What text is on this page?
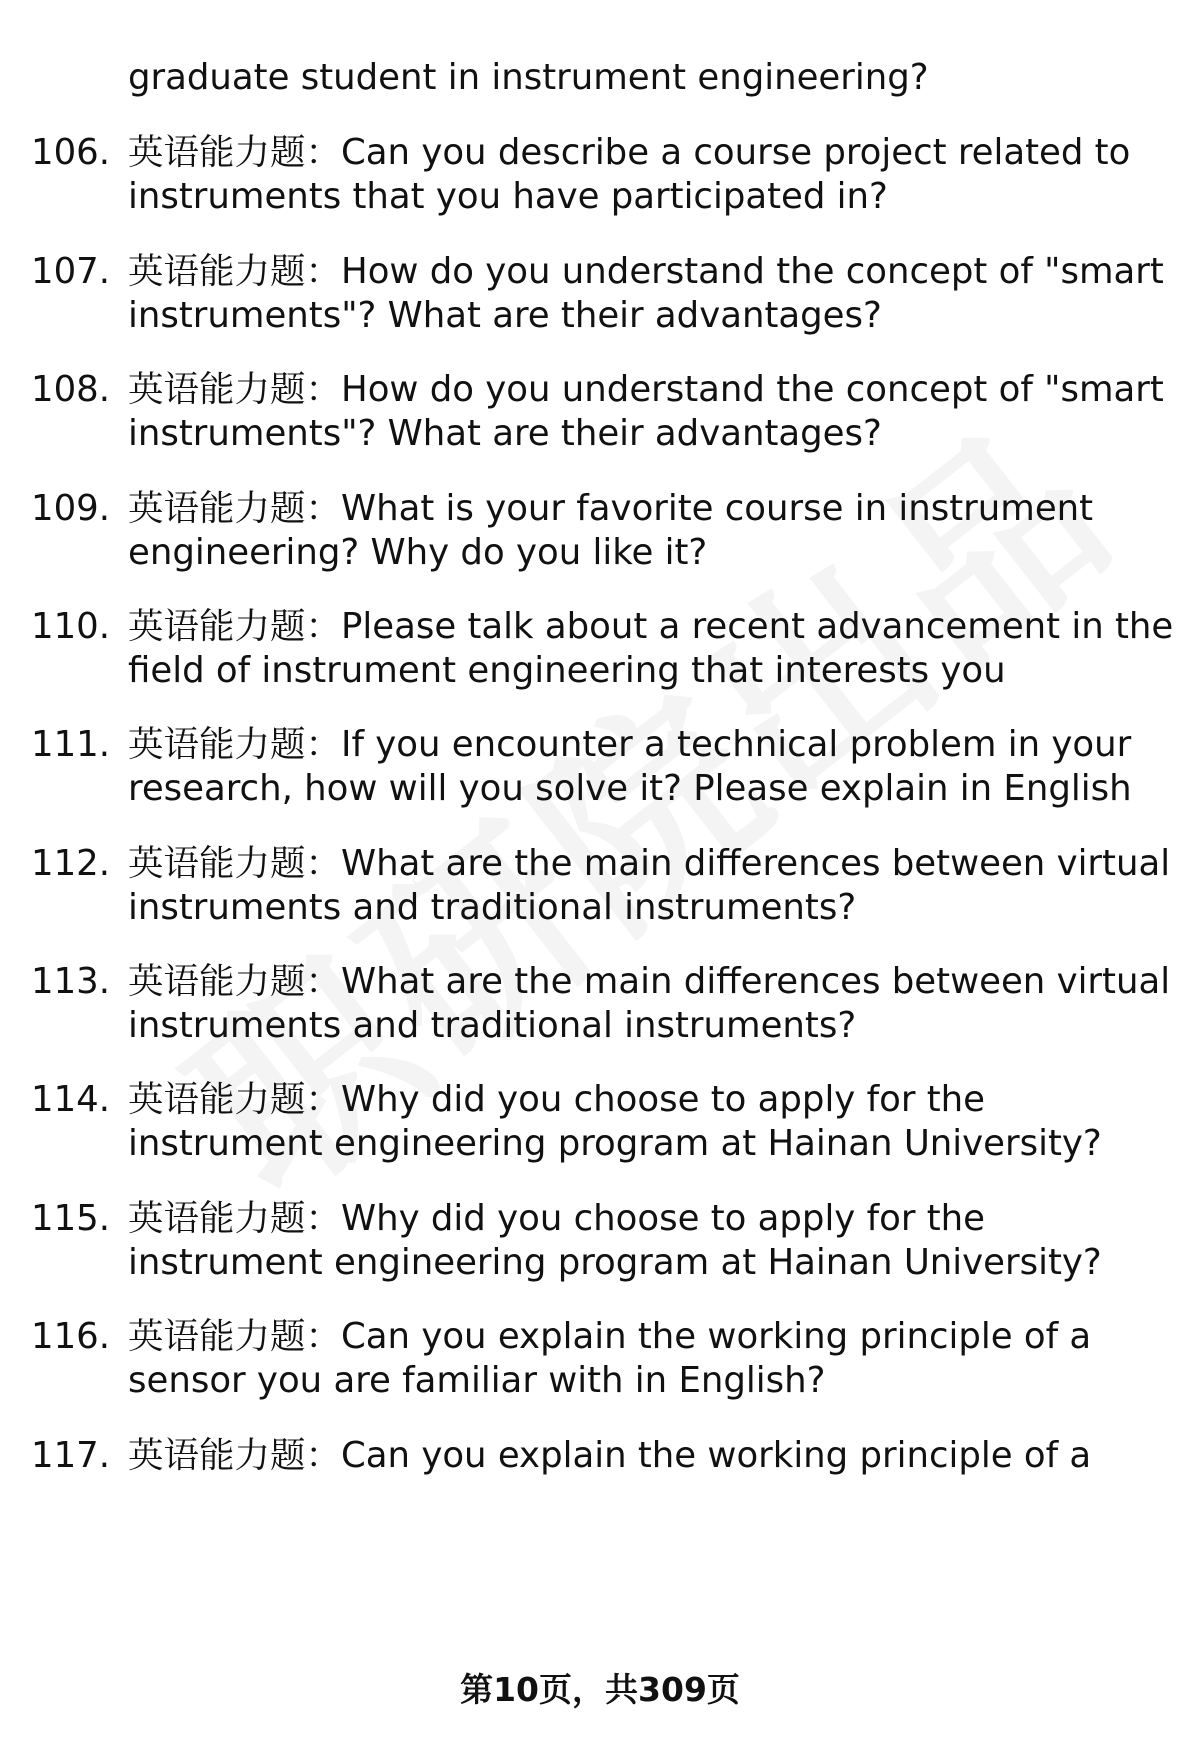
graduate student in instrument engineering?
106. 英语能力题：Can you describe a course project related to
instruments that you have participated in?
107. 英语能力题：How do you understand the concept of "smart
instruments"? What are their advantages?
108. 英语能力题：How do you understand the concept of "smart
instruments"? What are their advantages?
109. 英语能力题：What is your favorite course in instrument
engineering? Why do you like it?
110. 英语能力题：Please talk about a recent advancement in the
field of instrument engineering that interests you
111. 英语能力题：If you encounter a technical problem in your
research, how will you solve it? Please explain in English
112. 英语能力题：What are the main differences between virtual
instruments and traditional instruments?
113. 英语能力题：What are the main differences between virtual
instruments and traditional instruments?
114. 英语能力题：Why did you choose to apply for the
instrument engineering program at Hainan University?
115. 英语能力题：Why did you choose to apply for the
instrument engineering program at Hainan University?
116. 英语能力题：Can you explain the working principle of a
sensor you are familiar with in English?
117. 英语能力题：Can you explain the working principle of a
第10页，共309页
